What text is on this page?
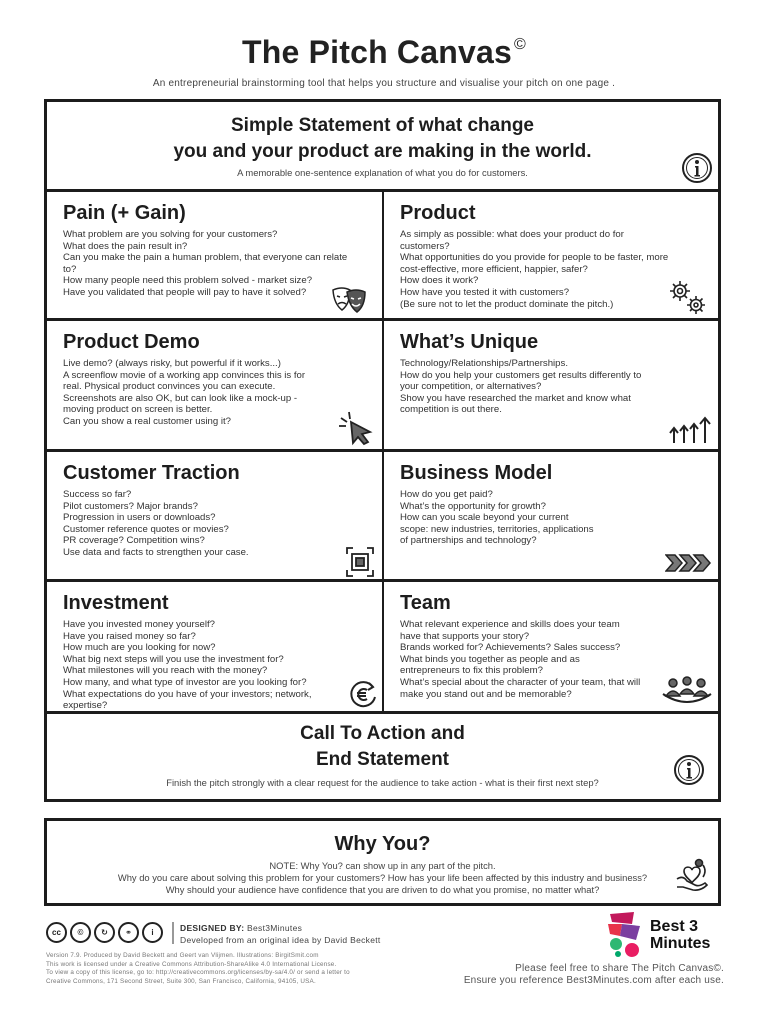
The Pitch Canvas ©
An entrepreneurial brainstorming tool that helps you structure and visualise your pitch on one page .
Simple Statement of what change
you and your product are making in the world.
A memorable one-sentence explanation of what you do for customers.
Pain (+ Gain)
What problem are you solving for your customers?
What does the pain result in?
Can you make the pain a human problem, that everyone can relate to?
How many people need this problem solved - market size?
Have you validated that people will pay to have it solved?
Product
As simply as possible: what does your product do for customers?
What opportunities do you provide for people to be faster, more cost-effective, more efficient, happier, safer?
How does it work?
How have you tested it with customers?
(Be sure not to let the product dominate the pitch.)
Product Demo
Live demo? (always risky, but powerful if it works...)
A screenflow movie of a working app convinces this is for real. Physical product convinces you can execute.
Screenshots are also OK, but can look like a mock-up - moving product on screen is better.
Can you show a real customer using it?
What’s Unique
Technology/Relationships/Partnerships.
How do you help your customers get results differently to your competition, or alternatives?
Show you have researched the market and know what competition is out there.
Customer Traction
Success so far?
Pilot customers? Major brands?
Progression in users or downloads?
Customer reference quotes or movies?
PR coverage? Competition wins?
Use data and facts to strengthen your case.
Business Model
How do you get paid?
What’s the opportunity for growth?
How can you scale beyond your current
scope: new industries, territories, applications
of partnerships and technology?
Investment
Have you invested money yourself?
Have you raised money so far?
How much are you looking for now?
What big next steps will you use the investment for?
What milestones will you reach with the money?
How many, and what type of investor are you looking for?
What expectations do you have of your investors; network, expertise?
Team
What relevant experience and skills does your team have that supports your story?
Brands worked for? Achievements? Sales success?
What binds you together as people and as entrepreneurs to fix this problem?
What’s special about the character of your team, that will make you stand out and be memorable?
Call To Action and
End Statement
Finish the pitch strongly with a clear request for the audience to take action - what is their first next step?
Why You?
NOTE: Why You? can show up in any part of the pitch.
Why do you care about solving this problem for your customers? How has your life been affected by this industry and business?
Why should your audience have confidence that you are driven to do what you promise, no matter what?
cc	©	↻	⚭	i	DESIGNED BY: Best3Minutes
Developed from an original idea by David Beckett
Version 7.9. Produced by David Beckett and Geert van Vlijmen. Illustrations: BirgitSmit.com
This work is licensed under a Creative Commons Attribution-ShareAlike 4.0 International License.
To view a copy of this license, go to: http://creativecommons.org/licenses/by-sa/4.0/ or send a letter to
Creative Commons, 171 Second Street, Suite 300, San Francisco, California, 94105, USA.
Best 3
Minutes
Please feel free to share The Pitch Canvas©.
Ensure you reference Best3Minutes.com after each use.
